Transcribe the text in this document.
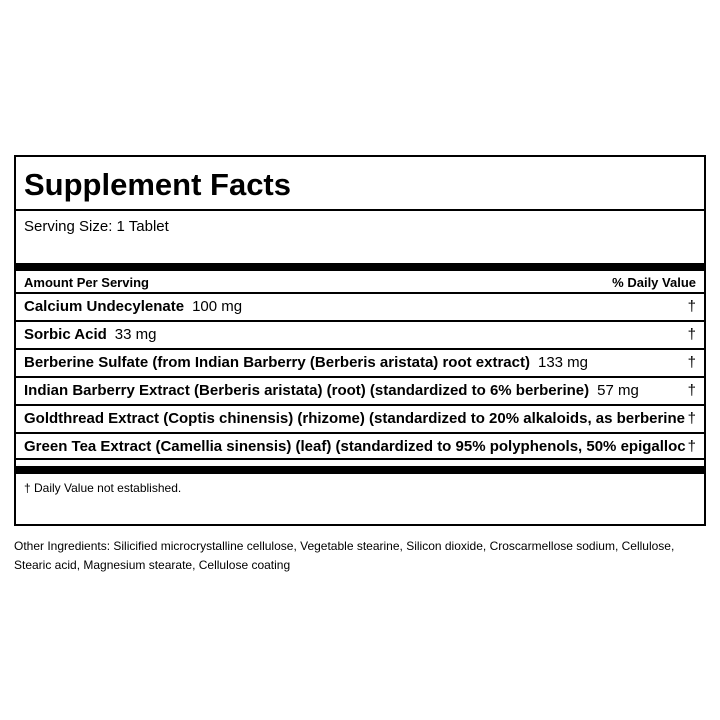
Supplement Facts
Serving Size: 1 Tablet
Amount Per Serving	% Daily Value
Calcium Undecylenate 100 mg	†
Sorbic Acid 33 mg	†
Berberine Sulfate (from Indian Barberry (Berberis aristata) root extract) 133 mg	†
Indian Barberry Extract (Berberis aristata) (root) (standardized to 6% berberine) 57 mg	†
Goldthread Extract (Coptis chinensis) (rhizome) (standardized to 20% alkaloids, as berberine †
Green Tea Extract (Camellia sinensis) (leaf) (standardized to 95% polyphenols, 50% epigalloc †
† Daily Value not established.
Other Ingredients: Silicified microcrystalline cellulose, Vegetable stearine, Silicon dioxide, Croscarmellose sodium, Cellulose, Stearic acid, Magnesium stearate, Cellulose coating
